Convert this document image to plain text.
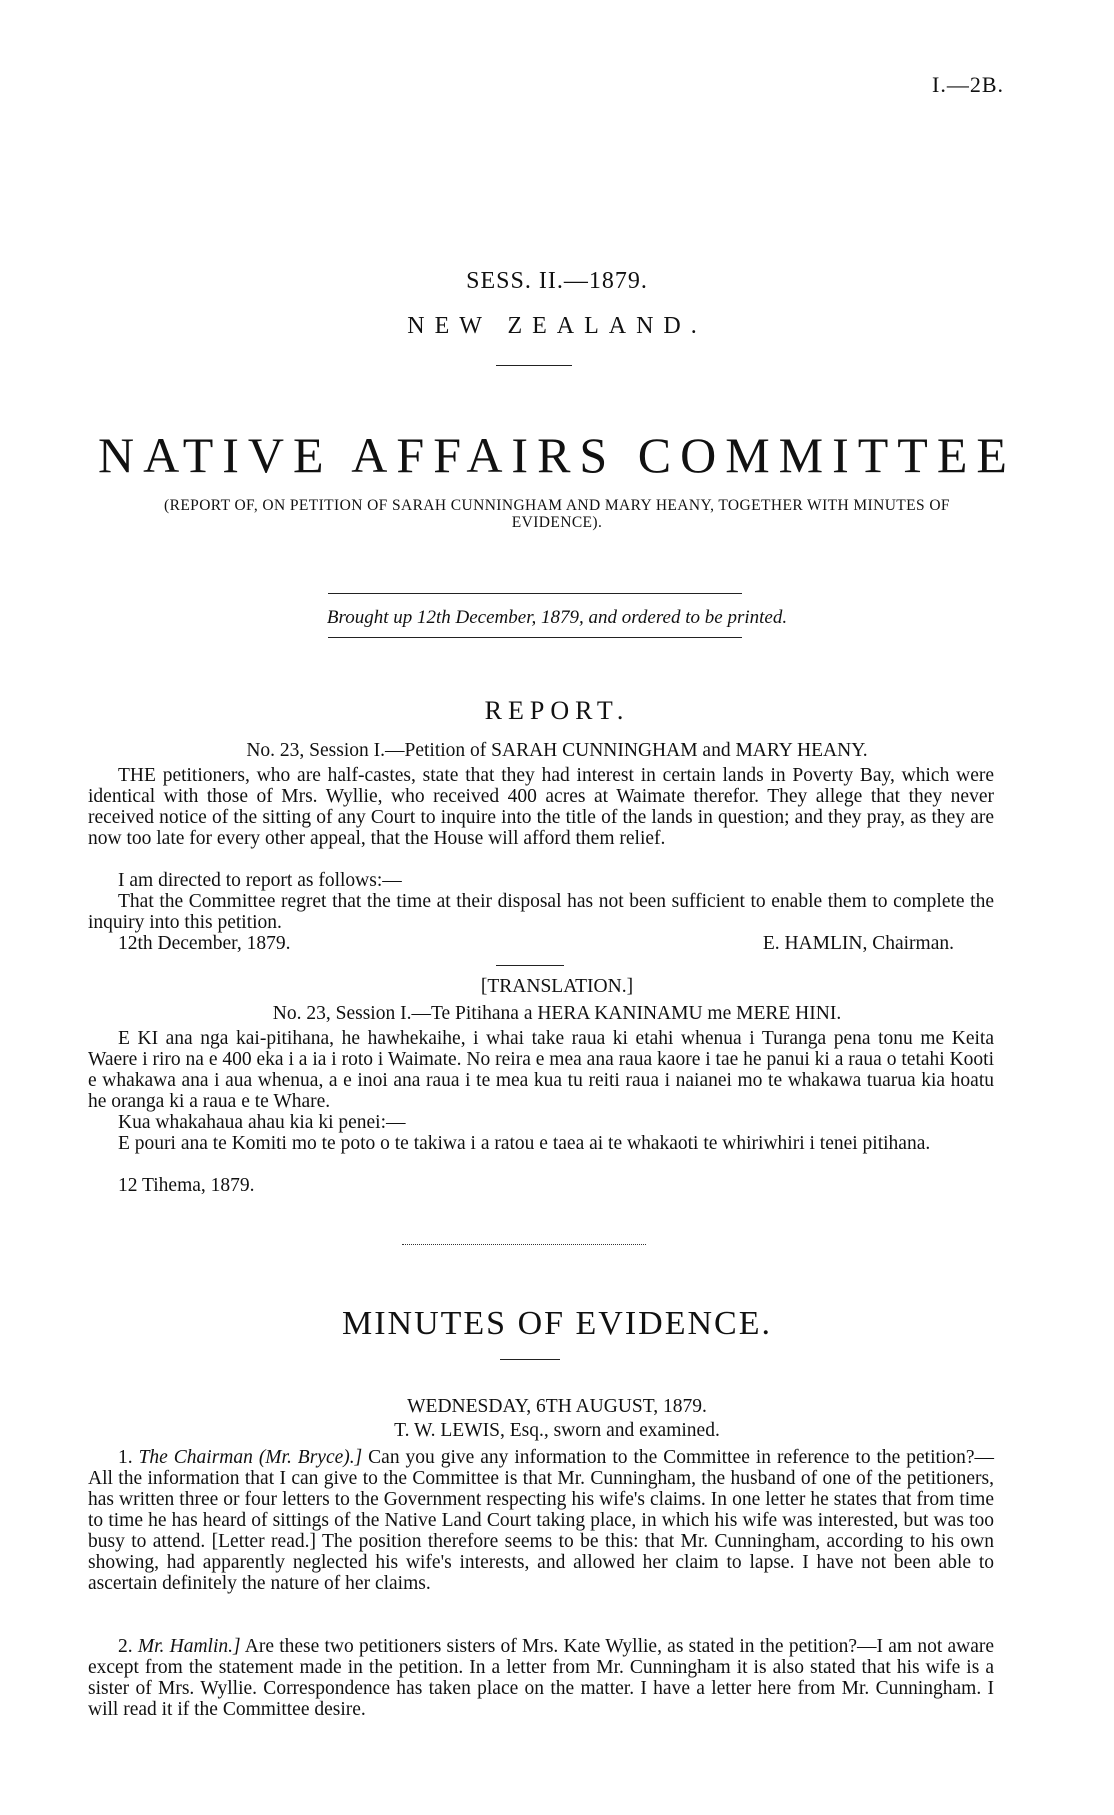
I.—2B.
SESS. II.—1879.
NEW ZEALAND.
NATIVE AFFAIRS COMMITTEE
(REPORT OF, ON PETITION OF SARAH CUNNINGHAM AND MARY HEANY, TOGETHER WITH MINUTES OF EVIDENCE).
Brought up 12th December, 1879, and ordered to be printed.
REPORT.
No. 23, Session I.—Petition of SARAH CUNNINGHAM and MARY HEANY.
THE petitioners, who are half-castes, state that they had interest in certain lands in Poverty Bay, which were identical with those of Mrs. Wyllie, who received 400 acres at Waimate therefor. They allege that they never received notice of the sitting of any Court to inquire into the title of the lands in question; and they pray, as they are now too late for every other appeal, that the House will afford them relief.
I am directed to report as follows:—
That the Committee regret that the time at their disposal has not been sufficient to enable them to complete the inquiry into this petition.
12th December, 1879.	E. HAMLIN, Chairman.
[TRANSLATION.]
No. 23, Session I.—Te Pitihana a HERA KANINAMU me MERE HINI.
E KI ana nga kai-pitihana, he hawhekaihe, i whai take raua ki etahi whenua i Turanga pena tonu me Keita Waere i riro na e 400 eka i a ia i roto i Waimate. No reira e mea ana raua kaore i tae he panui ki a raua o tetahi Kooti e whakawa ana i aua whenua, a e inoi ana raua i te mea kua tu reiti raua i naianei mo te whakawa tuarua kia hoatu he oranga ki a raua e te Whare.
Kua whakahaua ahau kia ki penei:—
E pouri ana te Komiti mo te poto o te takiwa i a ratou e taea ai te whakaoti te whiriwhiri i tenei pitihana.
12 Tihema, 1879.
MINUTES OF EVIDENCE.
WEDNESDAY, 6TH AUGUST, 1879.
T. W. LEWIS, Esq., sworn and examined.
1. The Chairman (Mr. Bryce).] Can you give any information to the Committee in reference to the petition?—All the information that I can give to the Committee is that Mr. Cunningham, the husband of one of the petitioners, has written three or four letters to the Government respecting his wife's claims. In one letter he states that from time to time he has heard of sittings of the Native Land Court taking place, in which his wife was interested, but was too busy to attend. [Letter read.] The position therefore seems to be this: that Mr. Cunningham, according to his own showing, had apparently neglected his wife's interests, and allowed her claim to lapse. I have not been able to ascertain definitely the nature of her claims.
2. Mr. Hamlin.] Are these two petitioners sisters of Mrs. Kate Wyllie, as stated in the petition?—I am not aware except from the statement made in the petition. In a letter from Mr. Cunningham it is also stated that his wife is a sister of Mrs. Wyllie. Correspondence has taken place on the matter. I have a letter here from Mr. Cunningham. I will read it if the Committee desire.
